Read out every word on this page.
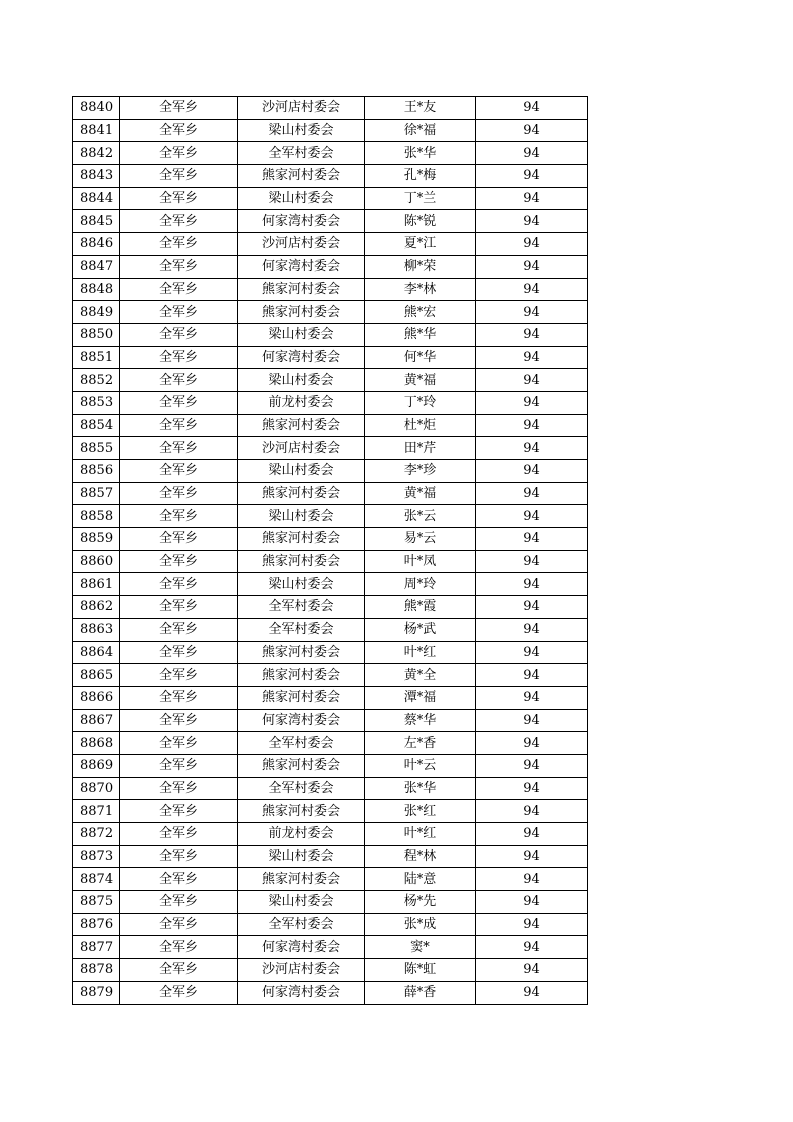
8840	全军乡	沙河店村委会	王*友	94
8841	全军乡	梁山村委会	徐*福	94
8842	全军乡	全军村委会	张*华	94
8843	全军乡	熊家河村委会	孔*梅	94
8844	全军乡	梁山村委会	丁*兰	94
8845	全军乡	何家湾村委会	陈*锐	94
8846	全军乡	沙河店村委会	夏*江	94
8847	全军乡	何家湾村委会	柳*荣	94
8848	全军乡	熊家河村委会	李*林	94
8849	全军乡	熊家河村委会	熊*宏	94
8850	全军乡	梁山村委会	熊*华	94
8851	全军乡	何家湾村委会	何*华	94
8852	全军乡	梁山村委会	黄*福	94
8853	全军乡	前龙村委会	丁*玲	94
8854	全军乡	熊家河村委会	杜*炬	94
8855	全军乡	沙河店村委会	田*芹	94
8856	全军乡	梁山村委会	李*珍	94
8857	全军乡	熊家河村委会	黄*福	94
8858	全军乡	梁山村委会	张*云	94
8859	全军乡	熊家河村委会	易*云	94
8860	全军乡	熊家河村委会	叶*凤	94
8861	全军乡	梁山村委会	周*玲	94
8862	全军乡	全军村委会	熊*霞	94
8863	全军乡	全军村委会	杨*武	94
8864	全军乡	熊家河村委会	叶*红	94
8865	全军乡	熊家河村委会	黄*全	94
8866	全军乡	熊家河村委会	潭*福	94
8867	全军乡	何家湾村委会	蔡*华	94
8868	全军乡	全军村委会	左*香	94
8869	全军乡	熊家河村委会	叶*云	94
8870	全军乡	全军村委会	张*华	94
8871	全军乡	熊家河村委会	张*红	94
8872	全军乡	前龙村委会	叶*红	94
8873	全军乡	梁山村委会	程*林	94
8874	全军乡	熊家河村委会	陆*意	94
8875	全军乡	梁山村委会	杨*先	94
8876	全军乡	全军村委会	张*成	94
8877	全军乡	何家湾村委会	窦*	94
8878	全军乡	沙河店村委会	陈*虹	94
8879	全军乡	何家湾村委会	薛*香	94
